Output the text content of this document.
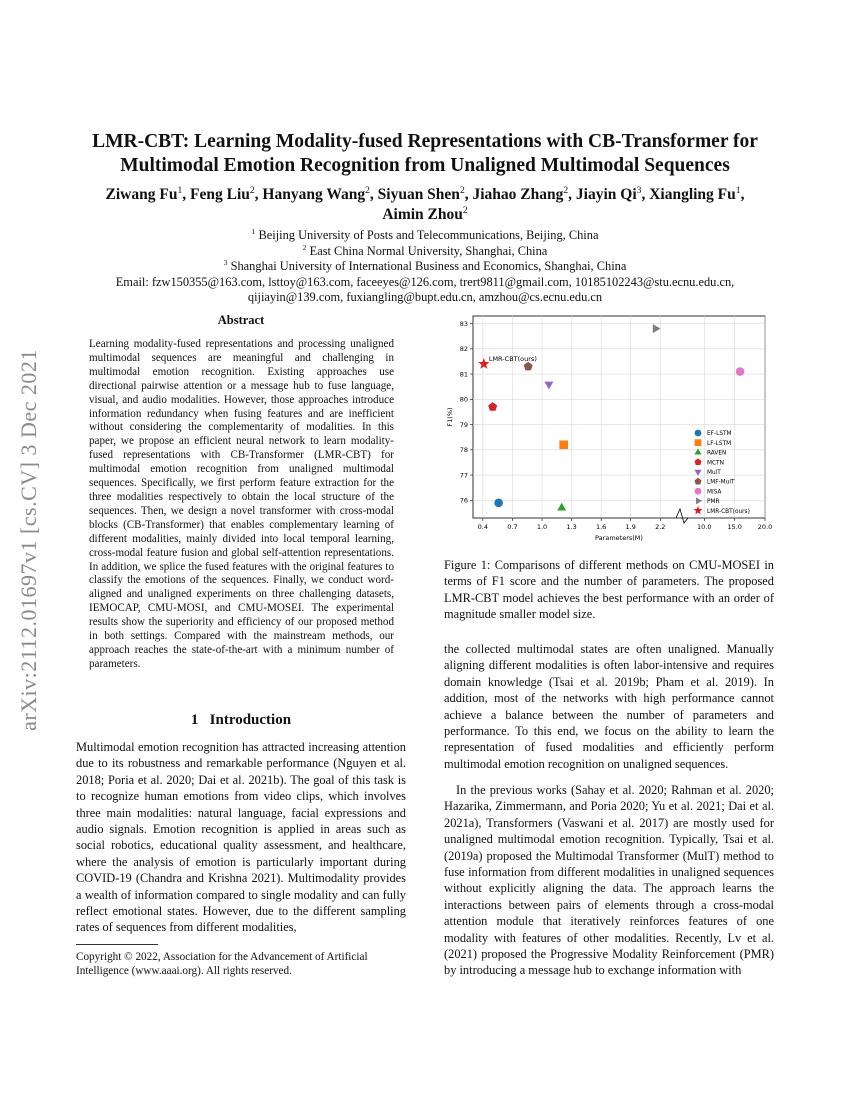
arXiv:2112.01697v1 [cs.CV] 3 Dec 2021
LMR-CBT: Learning Modality-fused Representations with CB-Transformer for
Multimodal Emotion Recognition from Unaligned Multimodal Sequences
Ziwang Fu$^1$, Feng Liu$^2$, Hanyang Wang$^2$, Siyuan Shen$^2$, Jiahao Zhang$^2$, Jiayin Qi$^3$, Xiangling Fu$^1$,
Aimin Zhou$^2$
$^1$ Beijing University of Posts and Telecommunications, Beijing, China
$^2$ East China Normal University, Shanghai, China
$^3$ Shanghai University of International Business and Economics, Shanghai, China
Email: fzw150355@163.com, lsttoy@163.com, faceeyes@126.com, trert9811@gmail.com, 10185102243@stu.ecnu.edu.cn,
qijiayin@139.com, fuxiangling@bupt.edu.cn, amzhou@cs.ecnu.edu.cn
Abstract
Learning modality-fused representations and processing unaligned multimodal sequences are meaningful and challenging in multimodal emotion recognition. Existing approaches use directional pairwise attention or a message hub to fuse language, visual, and audio modalities. However, those approaches introduce information redundancy when fusing features and are inefficient without considering the complementarity of modalities. In this paper, we propose an efficient neural network to learn modality-fused representations with CB-Transformer (LMR-CBT) for multimodal emotion recognition from unaligned multimodal sequences. Specifically, we first perform feature extraction for the three modalities respectively to obtain the local structure of the sequences. Then, we design a novel transformer with cross-modal blocks (CB-Transformer) that enables complementary learning of different modalities, mainly divided into local temporal learning, cross-modal feature fusion and global self-attention representations. In addition, we splice the fused features with the original features to classify the emotions of the sequences. Finally, we conduct word-aligned and unaligned experiments on three challenging datasets, IEMOCAP, CMU-MOSI, and CMU-MOSEI. The experimental results show the superiority and efficiency of our proposed method in both settings. Compared with the mainstream methods, our approach reaches the state-of-the-art with a minimum number of parameters.
1 Introduction
Multimodal emotion recognition has attracted increasing attention due to its robustness and remarkable performance (Nguyen et al. 2018; Poria et al. 2020; Dai et al. 2021b). The goal of this task is to recognize human emotions from video clips, which involves three main modalities: natural language, facial expressions and audio signals. Emotion recognition is applied in areas such as social robotics, educational quality assessment, and healthcare, where the analysis of emotion is particularly important during COVID-19 (Chandra and Krishna 2021). Multimodality provides a wealth of information compared to single modality and can fully reflect emotional states. However, due to the different sampling rates of sequences from different modalities,
Copyright © 2022, Association for the Advancement of Artificial Intelligence (www.aaai.org). All rights reserved.
76
77
78
79
80
81
82
83
0.4	0.7	1.0	1.3	1.6	1.9	2.2	10.0 15.0 20.0
F1(%)
Parameters(M)
LMR-CBT(ours)
EF-LSTM
LF-LSTM
RAVEN
MCTN
MulT
LMF-MulT
MISA
PMR
LMR-CBT(ours)
Figure 1: Comparisons of different methods on CMU-MOSEI in terms of F1 score and the number of parameters. The proposed LMR-CBT model achieves the best performance with an order of magnitude smaller model size.
the collected multimodal states are often unaligned. Manually aligning different modalities is often labor-intensive and requires domain knowledge (Tsai et al. 2019b; Pham et al. 2019). In addition, most of the networks with high performance cannot achieve a balance between the number of parameters and performance. To this end, we focus on the ability to learn the representation of fused modalities and efficiently perform multimodal emotion recognition on unaligned sequences.
In the previous works (Sahay et al. 2020; Rahman et al. 2020; Hazarika, Zimmermann, and Poria 2020; Yu et al. 2021; Dai et al. 2021a), Transformers (Vaswani et al. 2017) are mostly used for unaligned multimodal emotion recognition. Typically, Tsai et al. (2019a) proposed the Multimodal Transformer (MulT) method to fuse information from different modalities in unaligned sequences without explicitly aligning the data. The approach learns the interactions between pairs of elements through a cross-modal attention module that iteratively reinforces features of one modality with features of other modalities. Recently, Lv et al. (2021) proposed the Progressive Modality Reinforcement (PMR) by introducing a message hub to exchange information with
